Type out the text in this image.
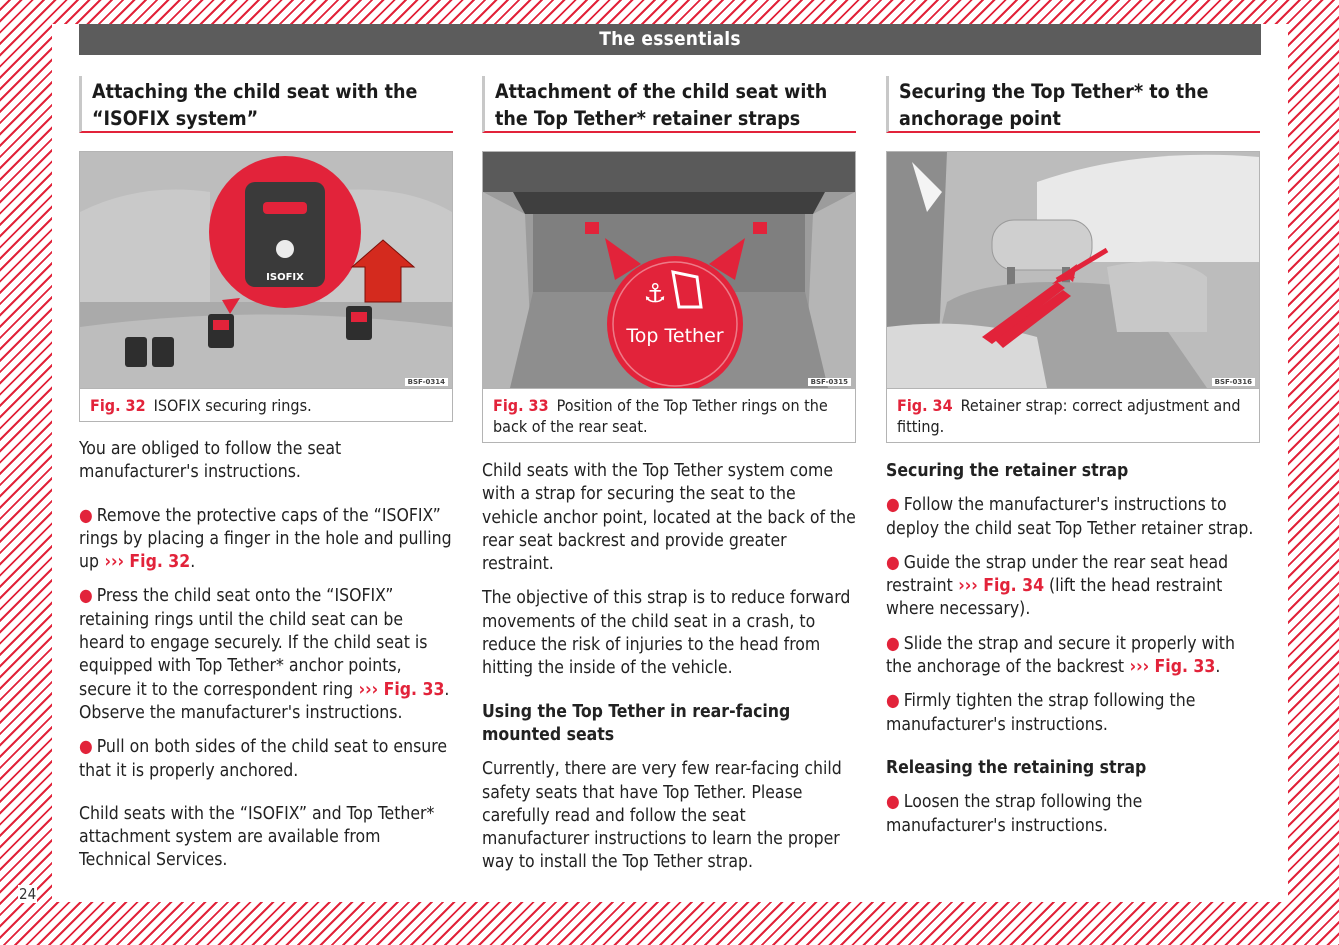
The essentials
Attaching the child seat with the “ISOFIX system”
ISOFIX
BSF-0314
Fig. 32 ISOFIX securing rings.

You are obliged to follow the seat manufacturer's instructions.

● Remove the protective caps of the “ISOFIX” rings by placing a finger in the hole and pulling up ››› Fig. 32.

● Press the child seat onto the “ISOFIX” retaining rings until the child seat can be heard to engage securely. If the child seat is equipped with Top Tether* anchor points, secure it to the correspondent ring ››› Fig. 33. Observe the manufacturer's instructions.

● Pull on both sides of the child seat to ensure that it is properly anchored.

Child seats with the “ISOFIX” and Top Tether* attachment system are available from Technical Services.

Attachment of the child seat with the Top Tether* retainer straps
⚓
Top Tether
BSF-0315
Fig. 33 Position of the Top Tether rings on the back of the rear seat.

Child seats with the Top Tether system come with a strap for securing the seat to the vehicle anchor point, located at the back of the rear seat backrest and provide greater restraint.

The objective of this strap is to reduce forward movements of the child seat in a crash, to reduce the risk of injuries to the head from hitting the inside of the vehicle.

Using the Top Tether in rear-facing mounted seats

Currently, there are very few rear-facing child safety seats that have Top Tether. Please carefully read and follow the seat manufacturer instructions to learn the proper way to install the Top Tether strap.

Securing the Top Tether* to the anchorage point
BSF-0316
Fig. 34 Retainer strap: correct adjustment and fitting.

Securing the retainer strap

● Follow the manufacturer's instructions to deploy the child seat Top Tether retainer strap.

● Guide the strap under the rear seat head restraint ››› Fig. 34 (lift the head restraint where necessary).

● Slide the strap and secure it properly with the anchorage of the backrest ››› Fig. 33.

● Firmly tighten the strap following the manufacturer's instructions.

Releasing the retaining strap

● Loosen the strap following the manufacturer's instructions.

24
